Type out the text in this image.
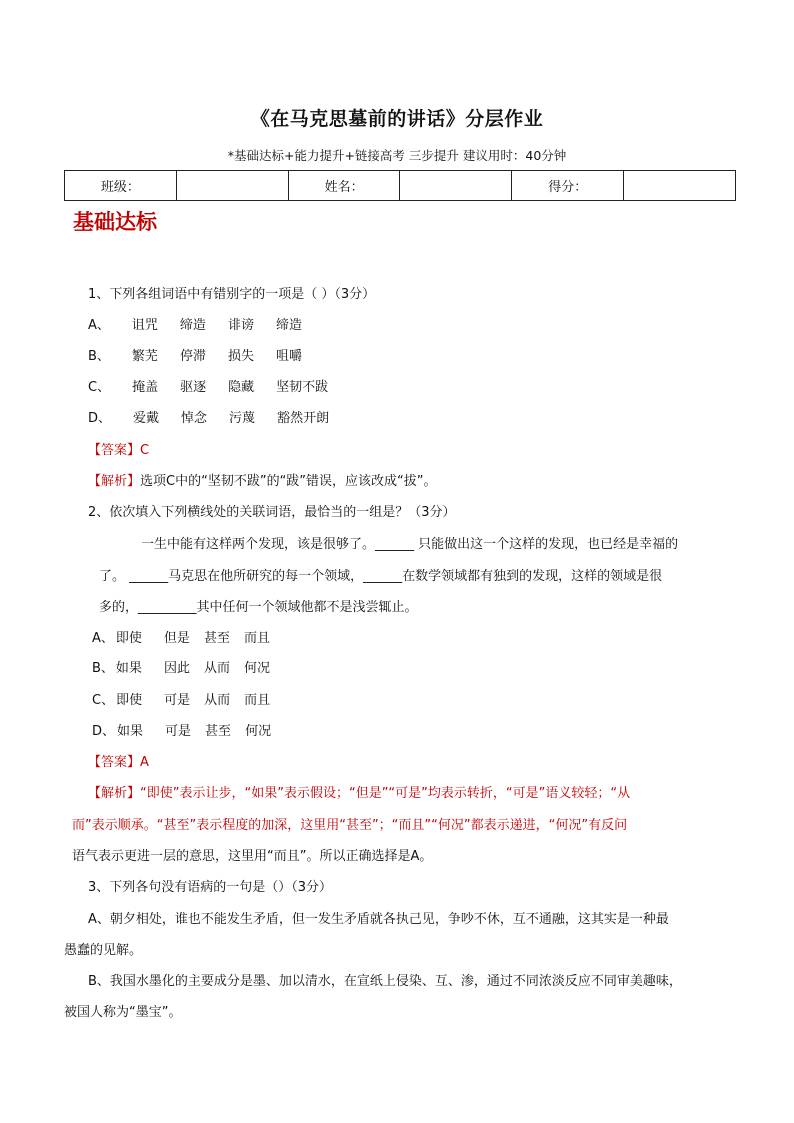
《在马克思墓前的讲话》分层作业
*基础达标+能力提升+链接高考 三步提升 建议用时：40分钟
班级：		姓名：		得分：	
基础达标
1、下列各组词语中有错别字的一项是（ ）（3分）
A、 诅咒 缔造 诽谤 缔造
B、 繁芜 停滞 损失 咀嚼
C、 掩盖 驱逐 隐藏 坚韧不跋
D、 爱戴 悼念 污蔑 豁然开朗
【答案】C
【解析】选项C中的“坚韧不跋”的“跋”错误，应该改成“拔”。
2、依次填入下列横线处的关联词语，最恰当的一组是？（3分）
一生中能有这样两个发现，该是很够了。______ 只能做出这一个这样的发现，也已经是幸福的
了。 ______马克思在他所研究的每一个领域，______在数学领域都有独到的发现，这样的领域是很
多的，_________其中任何一个领域他都不是浅尝辄止。
A、 即使 但是 甚至 而且
B、 如果 因此 从而 何况
C、 即使 可是 从而 而且
D、 如果 可是 甚至 何况
【答案】A
【解析】“即使”表示让步，“如果”表示假设；“但是”“可是”均表示转折，“可是”语义较轻；“从
而”表示顺承。“甚至”表示程度的加深，这里用“甚至”；“而且”“何况”都表示递进，“何况”有反问
语气表示更进一层的意思，这里用“而且”。所以正确选择是A。
3、下列各句没有语病的一句是（）（3分）
A、朝夕相处，谁也不能发生矛盾，但一发生矛盾就各执己见，争吵不休，互不通融，这其实是一种最
愚蠢的见解。
B、我国水墨化的主要成分是墨、加以清水，在宣纸上侵染、互、渗，通过不同浓淡反应不同审美趣味，
被国人称为“墨宝”。
